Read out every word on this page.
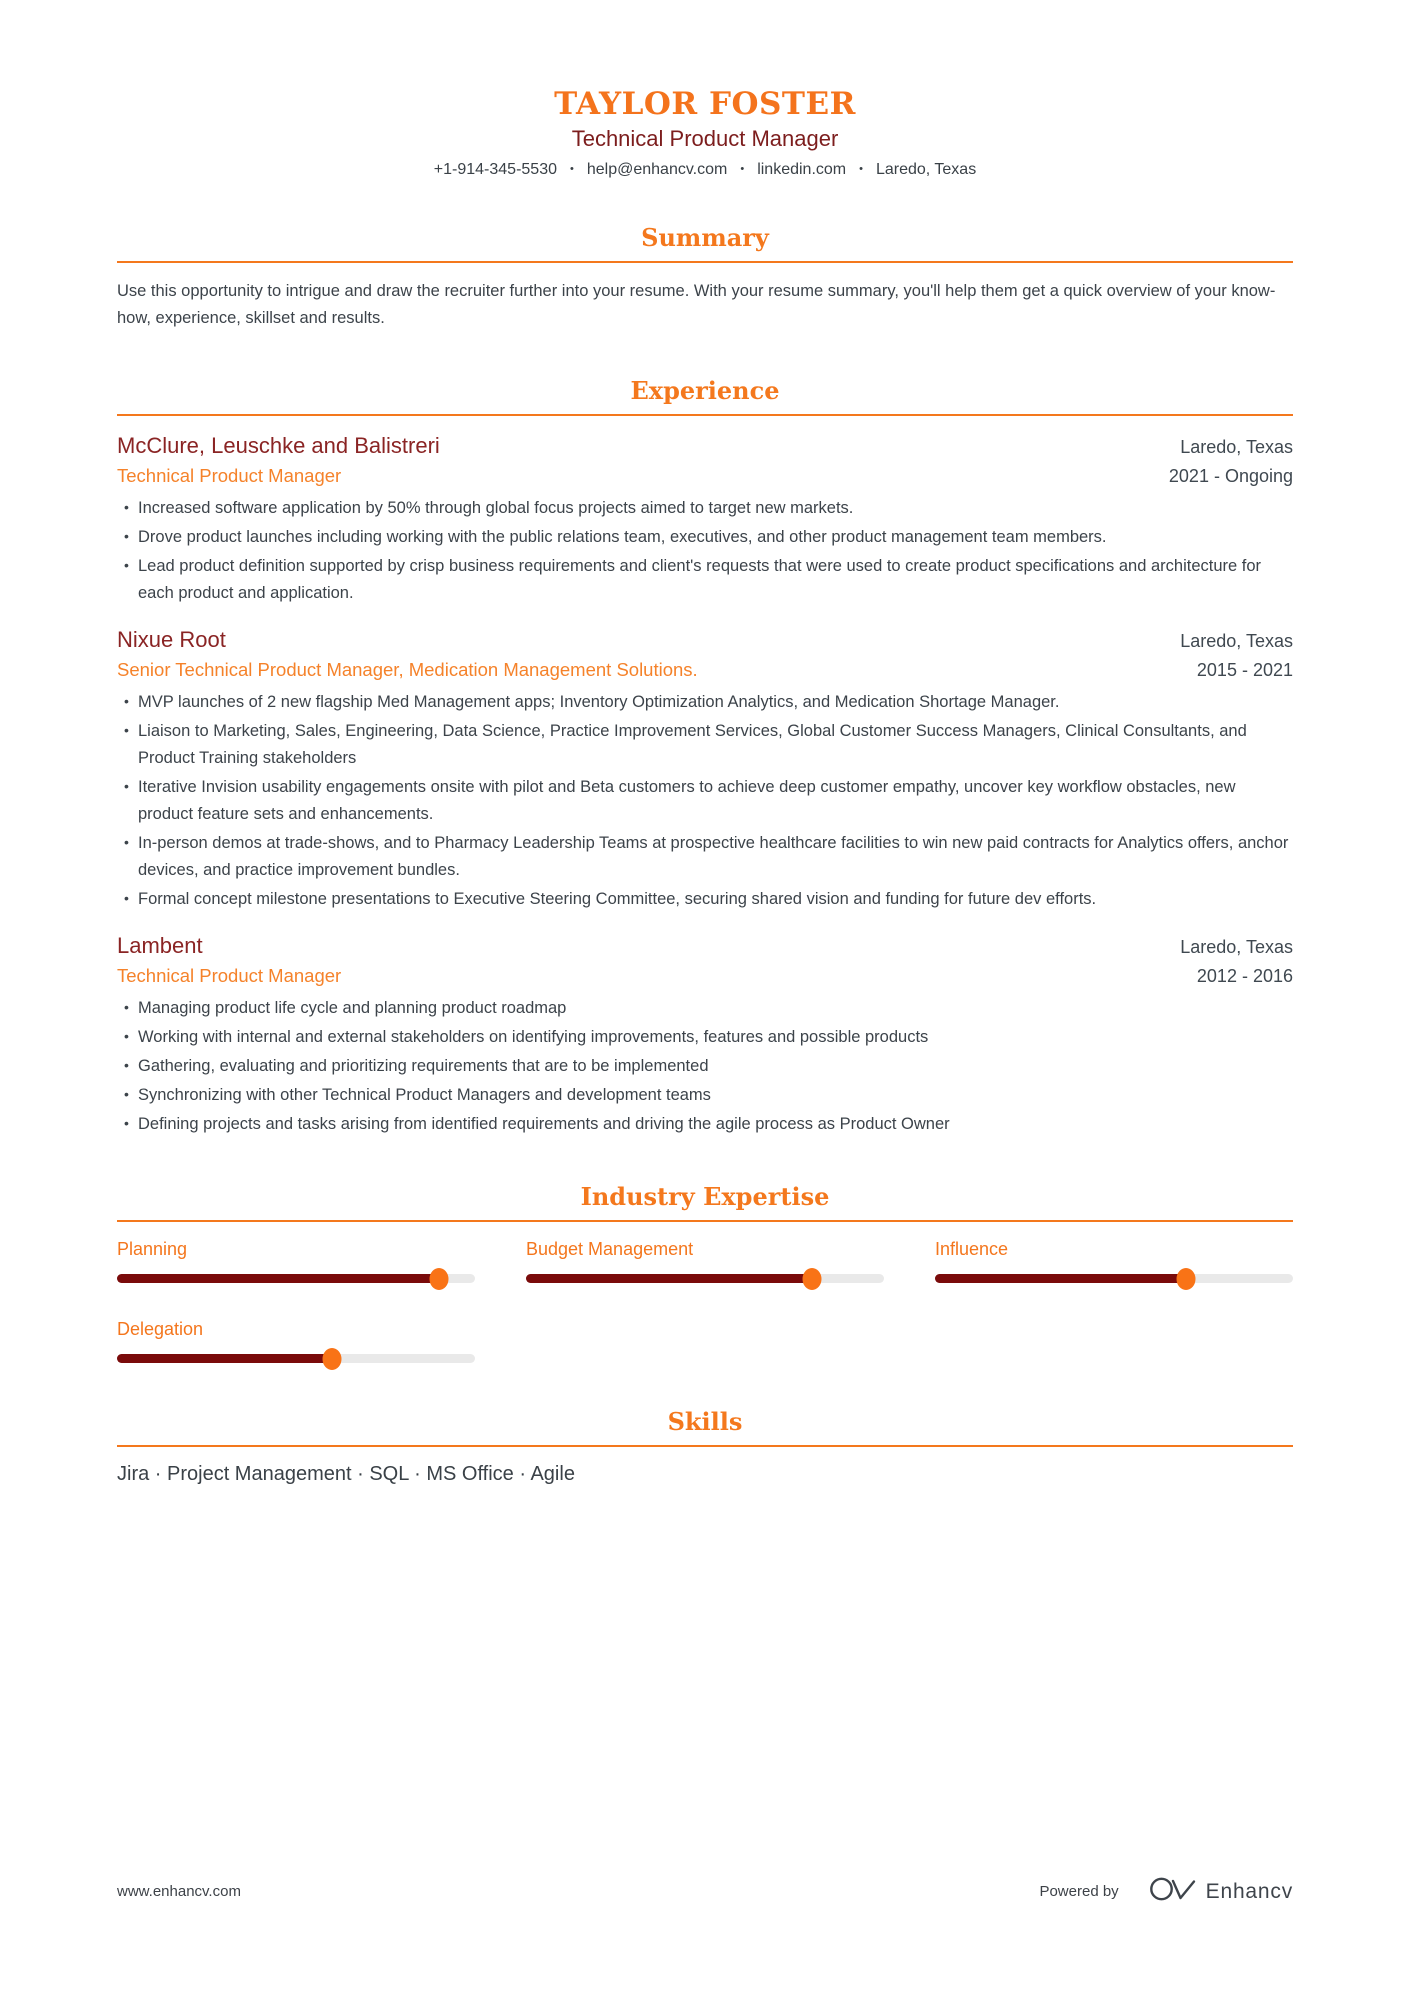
TAYLOR FOSTER
Technical Product Manager
+1-914-345-5530 • help@enhancv.com • linkedin.com • Laredo, Texas
Summary

Use this opportunity to intrigue and draw the recruiter further into your resume. With your resume summary, you'll help them get a quick overview of your know-how, experience, skillset and results.

Experience
McClure, Leuschke and Balistreri	Laredo, Texas
Technical Product Manager	2021 - Ongoing
• Increased software application by 50% through global focus projects aimed to target new markets.
• Drove product launches including working with the public relations team, executives, and other product management team members.
• Lead product definition supported by crisp business requirements and client's requests that were used to create product specifications and architecture for each product and application.
Nixue Root	Laredo, Texas
Senior Technical Product Manager, Medication Management Solutions.	2015 - 2021
• MVP launches of 2 new flagship Med Management apps; Inventory Optimization Analytics, and Medication Shortage Manager.
• Liaison to Marketing, Sales, Engineering, Data Science, Practice Improvement Services, Global Customer Success Managers, Clinical Consultants, and Product Training stakeholders
• Iterative Invision usability engagements onsite with pilot and Beta customers to achieve deep customer empathy, uncover key workflow obstacles, new product feature sets and enhancements.
• In-person demos at trade-shows, and to Pharmacy Leadership Teams at prospective healthcare facilities to win new paid contracts for Analytics offers, anchor devices, and practice improvement bundles.
• Formal concept milestone presentations to Executive Steering Committee, securing shared vision and funding for future dev efforts.
Lambent	Laredo, Texas
Technical Product Manager	2012 - 2016
• Managing product life cycle and planning product roadmap
• Working with internal and external stakeholders on identifying improvements, features and possible products
• Gathering, evaluating and prioritizing requirements that are to be implemented
• Synchronizing with other Technical Product Managers and development teams
• Defining projects and tasks arising from identified requirements and driving the agile process as Product Owner
Industry Expertise
Planning	Budget Management	Influence
Delegation
Skills
Jira · Project Management · SQL · MS Office · Agile
www.enhancv.com	Powered by	Enhancv
